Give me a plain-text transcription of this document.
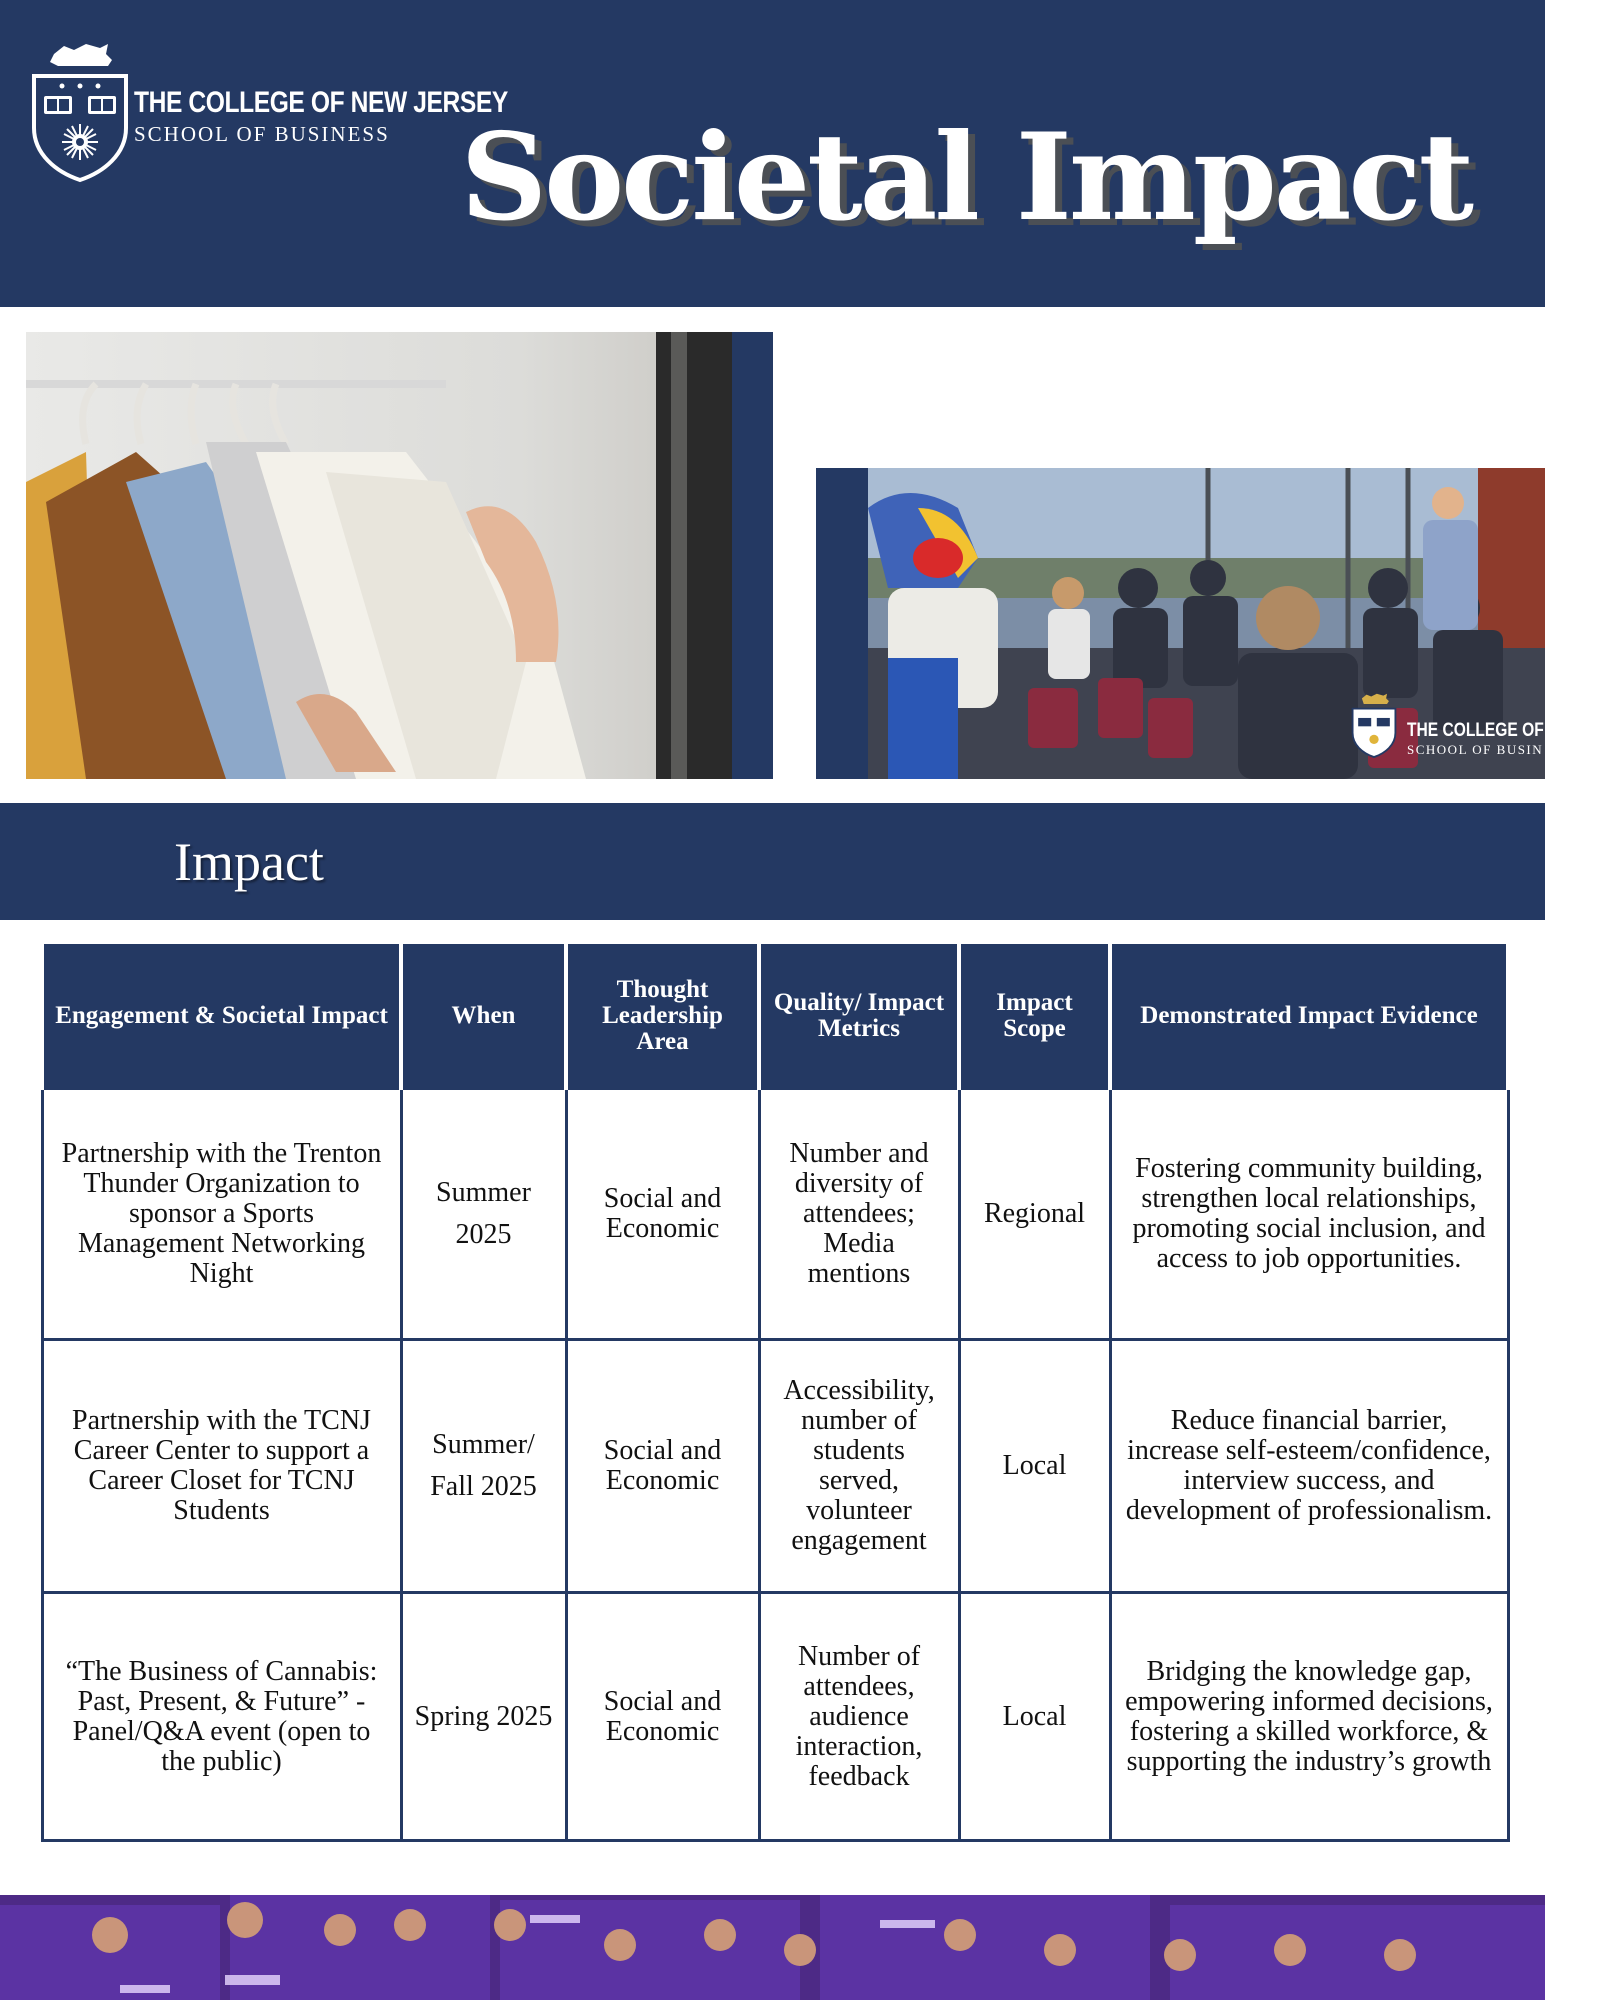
THE COLLEGE OF NEW JERSEY
SCHOOL OF BUSINESS Societal Impact
THE COLLEGE OF NEW
SCHOOL OF BUSIN
Impact
Engagement & Societal Impact	When	Thought Leadership Area	Quality/ Impact Metrics	Impact Scope	Demonstrated Impact Evidence
Partnership with the Trenton Thunder Organization to sponsor a Sports Management Networking Night	Summer 2025	Social and Economic	Number and diversity of attendees; Media mentions	Regional	Fostering community building, strengthen local relationships, promoting social inclusion, and access to job opportunities.
Partnership with the TCNJ Career Center to support a Career Closet for TCNJ Students	Summer/ Fall 2025	Social and Economic	Accessibility, number of students served, volunteer engagement	Local	Reduce financial barrier, increase self-esteem/confidence, interview success, and development of professionalism.
“The Business of Cannabis: Past, Present, & Future” - Panel/Q&A event (open to the public)	Spring 2025	Social and Economic	Number of attendees, audience interaction, feedback	Local	Bridging the knowledge gap, empowering informed decisions, fostering a skilled workforce, & supporting the industry’s growth
